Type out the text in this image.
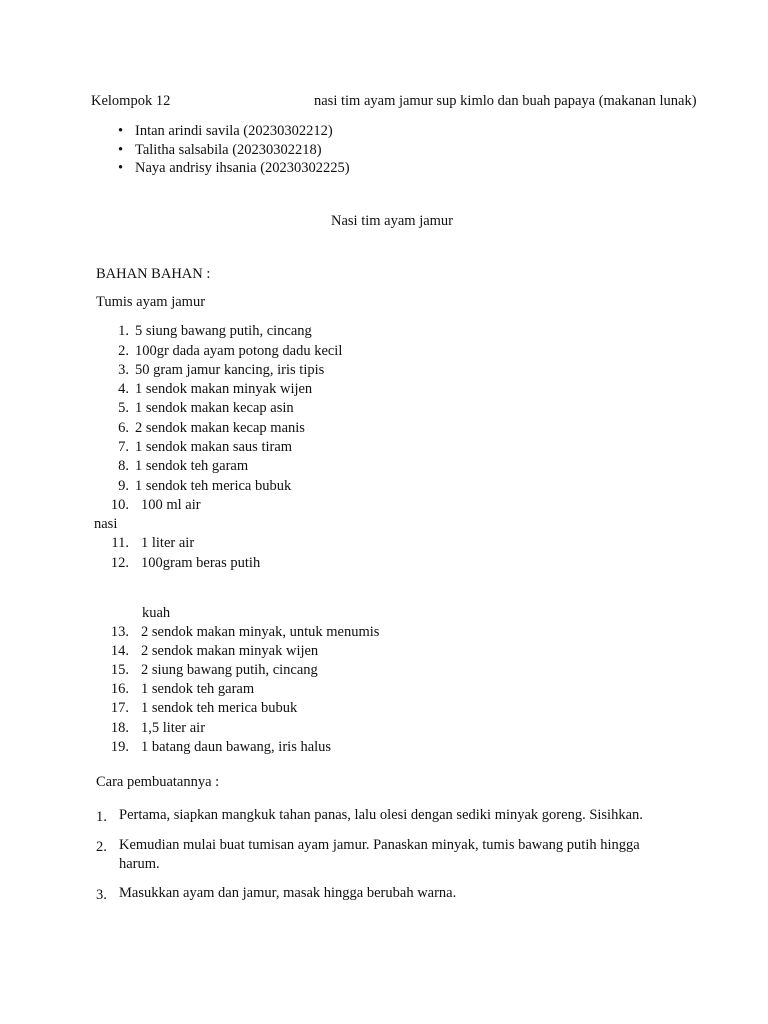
Kelompok 12	nasi tim ayam jamur sup kimlo dan buah papaya (makanan lunak)
• Intan arindi savila (20230302212)
• Talitha salsabila (20230302218)
• Naya andrisy ihsania (20230302225)
Nasi tim ayam jamur
BAHAN BAHAN :
Tumis ayam jamur
1. 5 siung bawang putih, cincang
2. 100gr dada ayam potong dadu kecil
3. 50 gram jamur kancing, iris tipis
4. 1 sendok makan minyak wijen
5. 1 sendok makan kecap asin
6. 2 sendok makan kecap manis
7. 1 sendok makan saus tiram
8. 1 sendok teh garam
9. 1 sendok teh merica bubuk
10. 100 ml air
nasi
11. 1 liter air
12. 100gram beras putih
kuah
13. 2 sendok makan minyak, untuk menumis
14. 2 sendok makan minyak wijen
15. 2 siung bawang putih, cincang
16. 1 sendok teh garam
17. 1 sendok teh merica bubuk
18. 1,5 liter air
19. 1 batang daun bawang, iris halus
Cara pembuatannya :
1. Pertama, siapkan mangkuk tahan panas, lalu olesi dengan sediki minyak goreng. Sisihkan.
2. Kemudian mulai buat tumisan ayam jamur. Panaskan minyak, tumis bawang putih hingga harum.
3. Masukkan ayam dan jamur, masak hingga berubah warna.
